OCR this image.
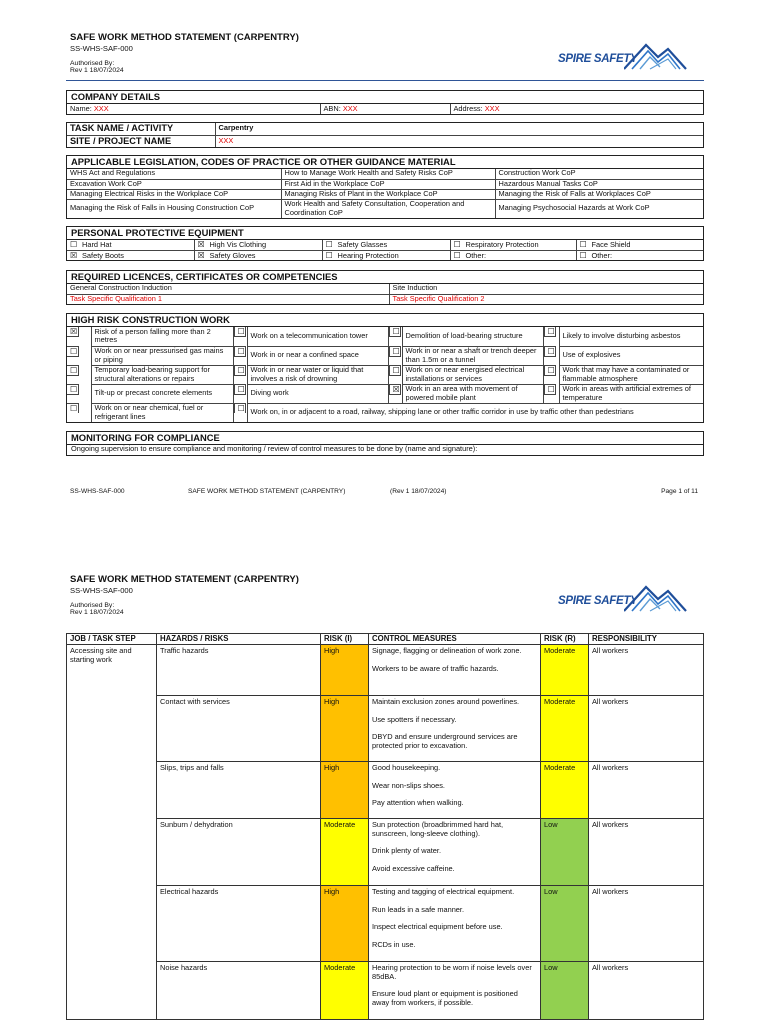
SAFE WORK METHOD STATEMENT (CARPENTRY)
SS-WHS-SAF-000
Authorised By:
Rev 1 18/07/2024
SPIRE SAFETY
COMPANY DETAILS
Name: XXX	ABN: XXX	Address: XXX
TASK NAME / ACTIVITY	Carpentry
SITE / PROJECT NAME	XXX
APPLICABLE LEGISLATION, CODES OF PRACTICE OR OTHER GUIDANCE MATERIAL
WHS Act and Regulations	How to Manage Work Health and Safety Risks CoP	Construction Work CoP
Excavation Work CoP	First Aid in the Workplace CoP	Hazardous Manual Tasks CoP
Managing Electrical Risks in the Workplace CoP	Managing Risks of Plant in the Workplace CoP	Managing the Risk of Falls at Workplaces CoP
Managing the Risk of Falls in Housing Construction CoP	Work Health and Safety Consultation, Cooperation and Coordination CoP	Managing Psychosocial Hazards at Work CoP
PERSONAL PROTECTIVE EQUIPMENT
☐ Hard Hat	☒ High Vis Clothing	☐ Safety Glasses	☐ Respiratory Protection	☐ Face Shield
☒ Safety Boots	☒ Safety Gloves	☐ Hearing Protection	☐ Other:	☐ Other:
REQUIRED LICENCES, CERTIFICATES OR COMPETENCIES
General Construction Induction	Site Induction
Task Specific Qualification 1	Task Specific Qualification 2
HIGH RISK CONSTRUCTION WORK
☒ Risk of a person falling more than 2 metres	☐ Work on a telecommunication tower		☐ Demolition of load-bearing structure		☐ Likely to involve disturbing asbestos
☐ Work on or near pressurised gas mains or piping	☐ Work in or near a confined space		☐ Work in or near a shaft or trench deeper than 1.5m or a tunnel	☐ Use of explosives
☐ Temporary load-bearing support for structural alterations or repairs	☐ Work in or near water or liquid that involves a risk of drowning	☐ Work on or near energised electrical installations or services	☐ Work that may have a contaminated or flammable atmosphere
☐ Tilt-up or precast concrete elements		☐ Diving work		☒ Work in an area with movement of powered mobile plant	☐ Work in areas with artificial extremes of temperature
☐ Work on or near chemical, fuel or refrigerant lines	☐ Work on, in or adjacent to a road, railway, shipping lane or other traffic corridor in use by traffic other than pedestrians		
MONITORING FOR COMPLIANCE
Ongoing supervision to ensure compliance and monitoring / review of control measures to be done by (name and signature):
SS-WHS-SAF-000	SAFE WORK METHOD STATEMENT (CARPENTRY)	(Rev 1 18/07/2024)	Page 1 of 11
SAFE WORK METHOD STATEMENT (CARPENTRY)
SS-WHS-SAF-000
Authorised By:
Rev 1 18/07/2024
SPIRE SAFETY
JOB / TASK STEP	HAZARDS / RISKS	RISK (I)	CONTROL MEASURES	RISK (R)	RESPONSIBILITY
Accessing site and starting work	Traffic hazards	High	Signage, flagging or delineation of work zone.

Workers to be aware of traffic hazards.	Moderate	All workers
	Contact with services	High	Maintain exclusion zones around powerlines.

Use spotters if necessary.

DBYD and ensure underground services are protected prior to excavation.	Moderate	All workers
	Slips, trips and falls	High	Good housekeeping.

Wear non-slips shoes.

Pay attention when walking.	Moderate	All workers
	Sunburn / dehydration	Moderate	Sun protection (broadbrimmed hard hat, sunscreen, long-sleeve clothing).

Drink plenty of water.

Avoid excessive caffeine.	Low	All workers
	Electrical hazards	High	Testing and tagging of electrical equipment.

Run leads in a safe manner.

Inspect electrical equipment before use.

RCDs in use.	Low	All workers
	Noise hazards	Moderate	Hearing protection to be worn if noise levels over 85dBA.

Ensure loud plant or equipment is positioned away from workers, if possible.	Low	All workers
